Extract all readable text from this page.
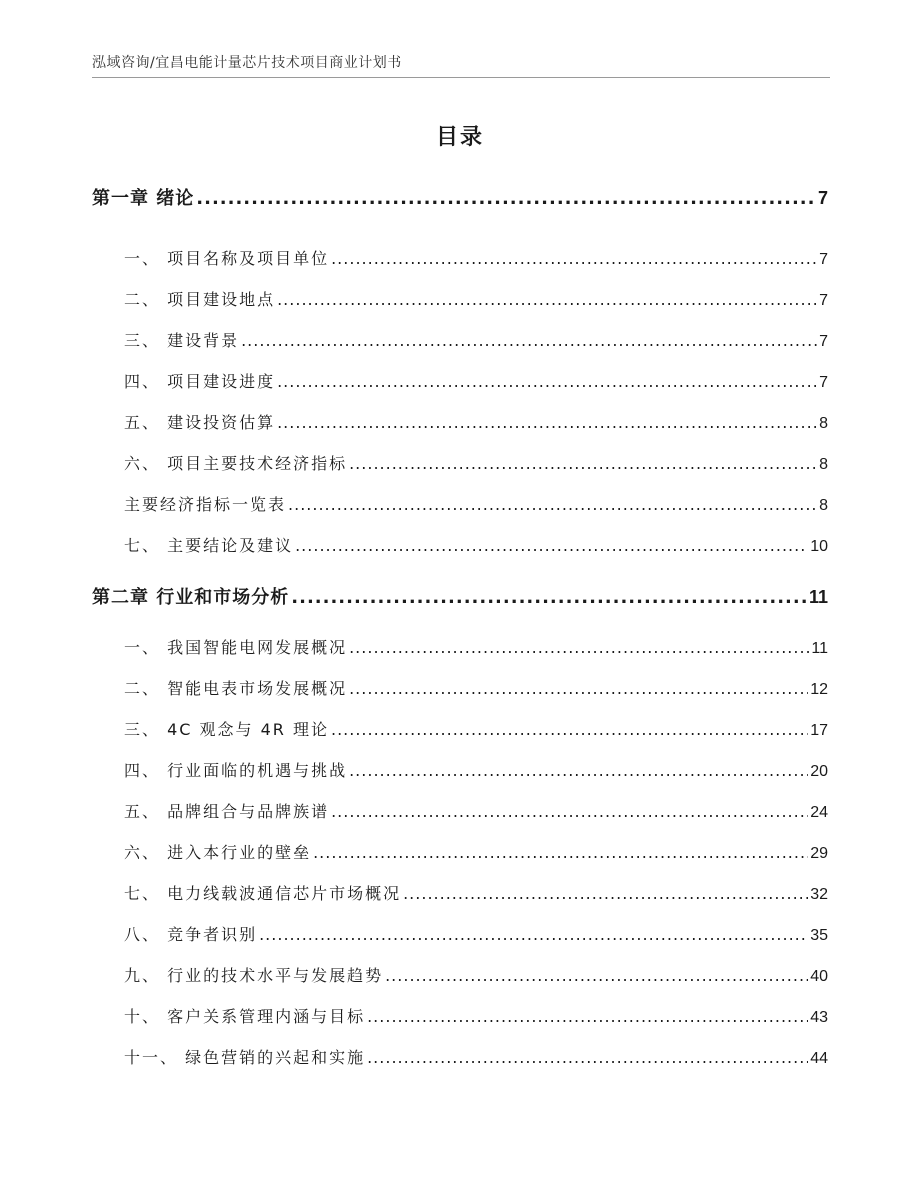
泓域咨询/宜昌电能计量芯片技术项目商业计划书
目录
第一章 绪论 .....	7
一、 项目名称及项目单位 .....	7
二、 项目建设地点 .....	7
三、 建设背景 .....	7
四、 项目建设进度 .....	7
五、 建设投资估算 .....	8
六、 项目主要技术经济指标 .....	8
主要经济指标一览表 .....	8
七、 主要结论及建议 .....	10
第二章 行业和市场分析 .....	11
一、 我国智能电网发展概况 .....	11
二、 智能电表市场发展概况 .....	12
三、 4C 观念与 4R 理论 .....	17
四、 行业面临的机遇与挑战 .....	20
五、 品牌组合与品牌族谱 .....	24
六、 进入本行业的壁垒 .....	29
七、 电力线载波通信芯片市场概况 .....	32
八、 竞争者识别 .....	35
九、 行业的技术水平与发展趋势 .....	40
十、 客户关系管理内涵与目标 .....	43
十一、 绿色营销的兴起和实施 .....	44
